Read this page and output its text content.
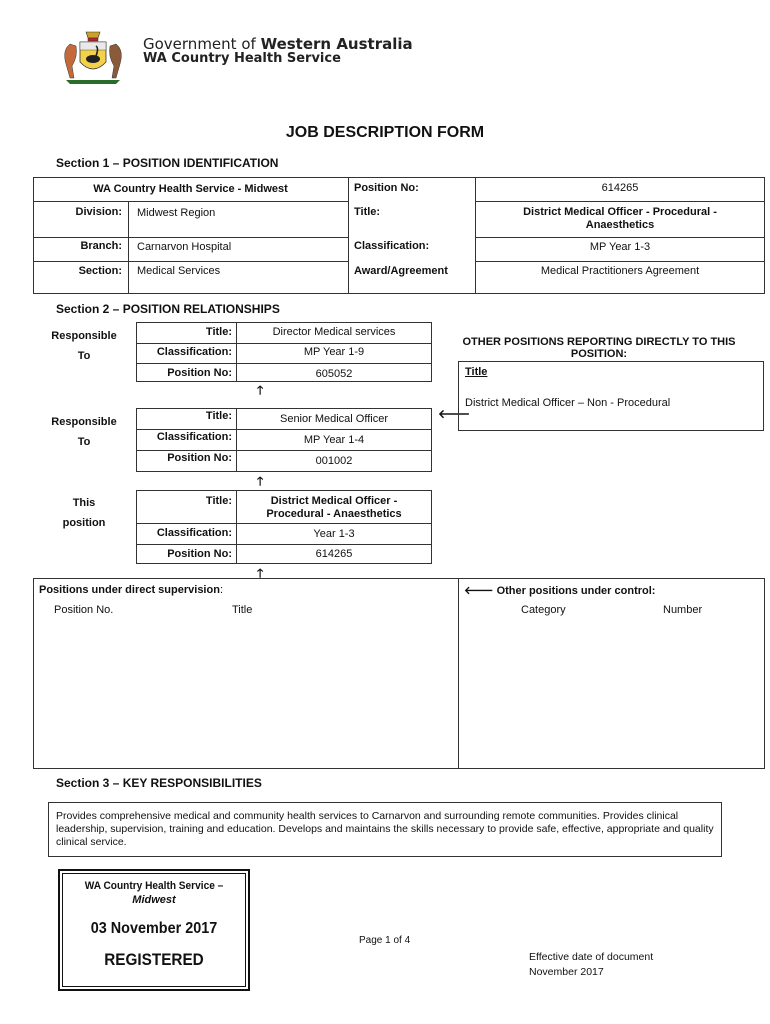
Government of Western Australia
WA Country Health Service
JOB DESCRIPTION FORM
Section 1 – POSITION IDENTIFICATION
WA Country Health Service - Midwest	Position No:	614265
Division: Midwest Region	Title:	District Medical Officer - Procedural - Anaesthetics
Branch: Carnarvon Hospital	Classification:	MP Year 1-3
Section: Medical Services	Award/Agreement	Medical Practitioners Agreement
Section 2 – POSITION RELATIONSHIPS
Responsible
To
Title:	Director Medical services
Classification:	MP Year 1-9
Position No:	605052
🡑
Responsible
To
Title:	Senior Medical Officer
Classification:	MP Year 1-4
Position No:	001002
🡐
🡑
This
position
Title:	District Medical Officer - Procedural - Anaesthetics
Classification:	Year 1-3
Position No:	614265
🡑
OTHER POSITIONS REPORTING DIRECTLY TO THIS POSITION:
Title
District Medical Officer – Non - Procedural
Positions under direct supervision:
Position No.	Title
🡐 Other positions under control:
Category	Number
Section 3 – KEY RESPONSIBILITIES
Provides comprehensive medical and community health services to Carnarvon and surrounding remote communities. Provides clinical leadership, supervision, training and education. Develops and maintains the skills necessary to provide safe, effective, appropriate and quality clinical service.
WA Country Health Service –
Midwest
03 November 2017
REGISTERED
Page 1 of 4
Effective date of document
November 2017
